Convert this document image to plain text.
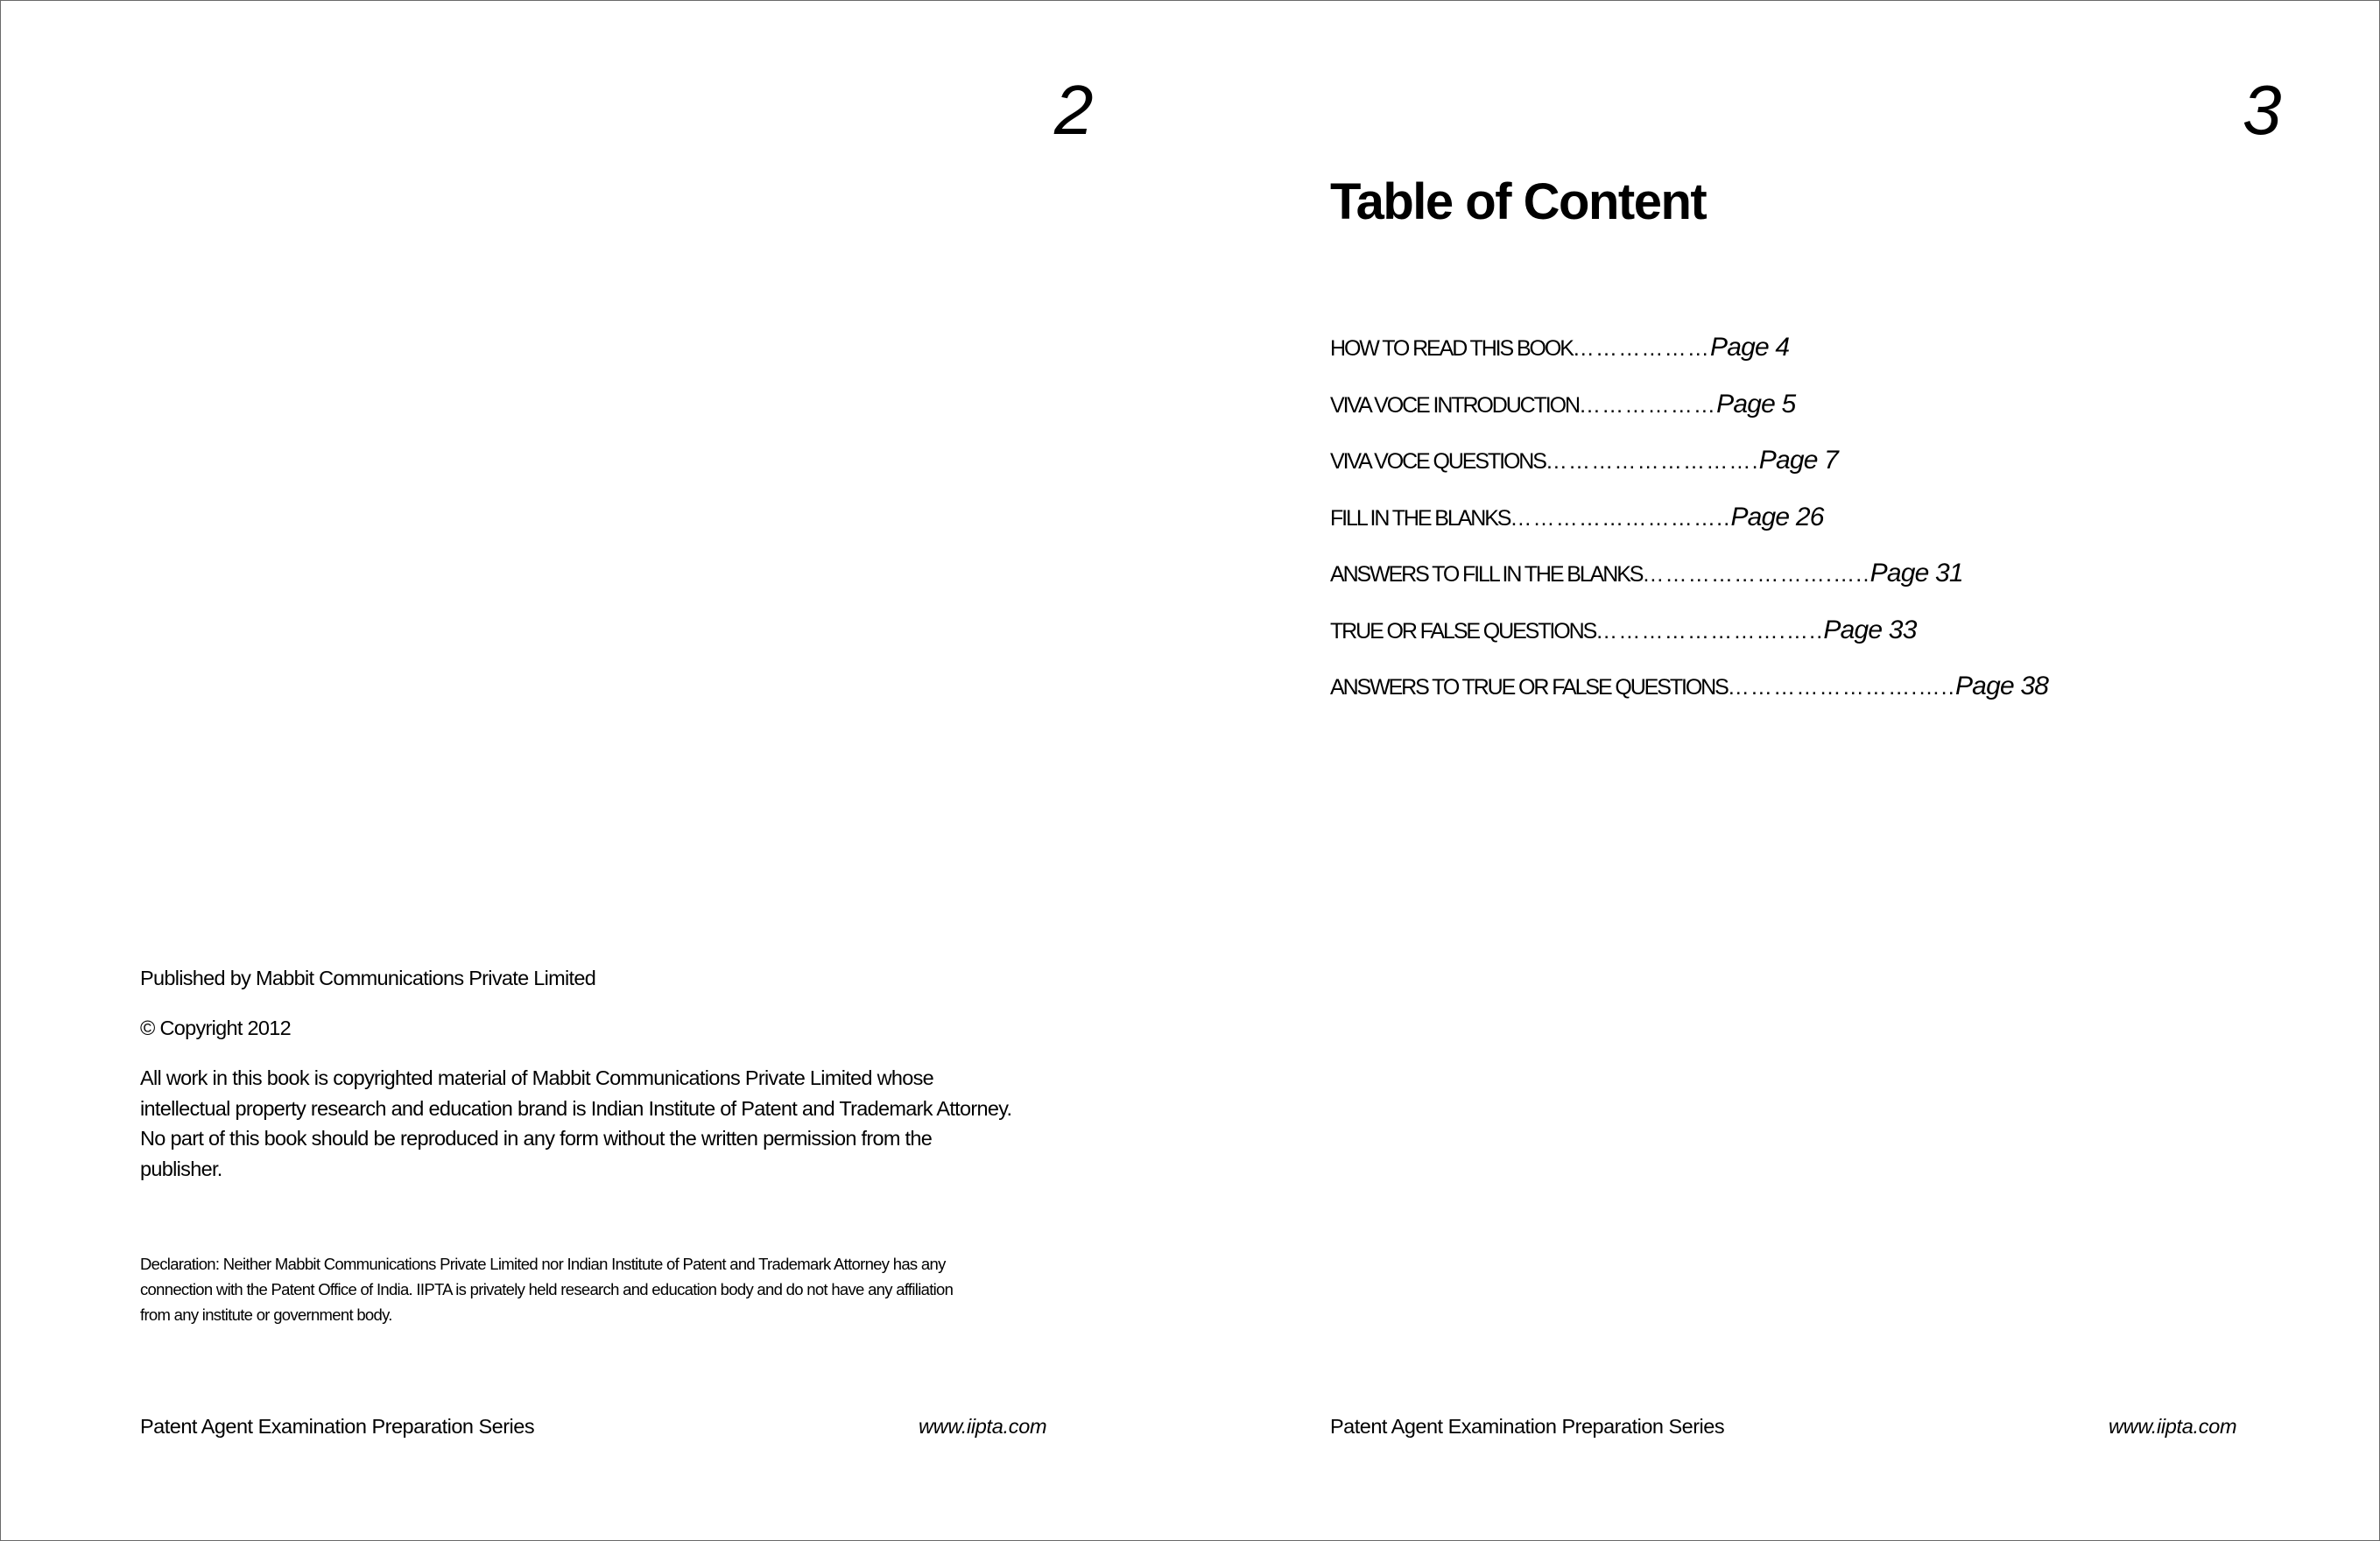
2

Published by Mabbit Communications Private Limited

© Copyright 2012

All work in this book is copyrighted material of Mabbit Communications Private Limited whose
intellectual property research and education brand is Indian Institute of Patent and Trademark Attorney.
No part of this book should be reproduced in any form without the written permission from the
publisher.
Declaration: Neither Mabbit Communications Private Limited nor Indian Institute of Patent and Trademark Attorney has any
connection with the Patent Office of India. IIPTA is privately held research and education body and do not have any affiliation
from any institute or government body.
Patent Agent Examination Preparation Series	www.iipta.com
3
Table of Content
HOW TO READ THIS BOOK ……………… Page 4
VIVA VOCE INTRODUCTION ……………… Page 5
VIVA VOCE QUESTIONS ………………………. Page 7
FILL IN THE BLANKS ……………………….. Page 26
ANSWERS TO FILL IN THE BLANKS …………………….….. Page 31
TRUE OR FALSE QUESTIONS …………………….….. Page 33
ANSWERS TO TRUE OR FALSE QUESTIONS …………………….….. Page 38
Patent Agent Examination Preparation Series	www.iipta.com
